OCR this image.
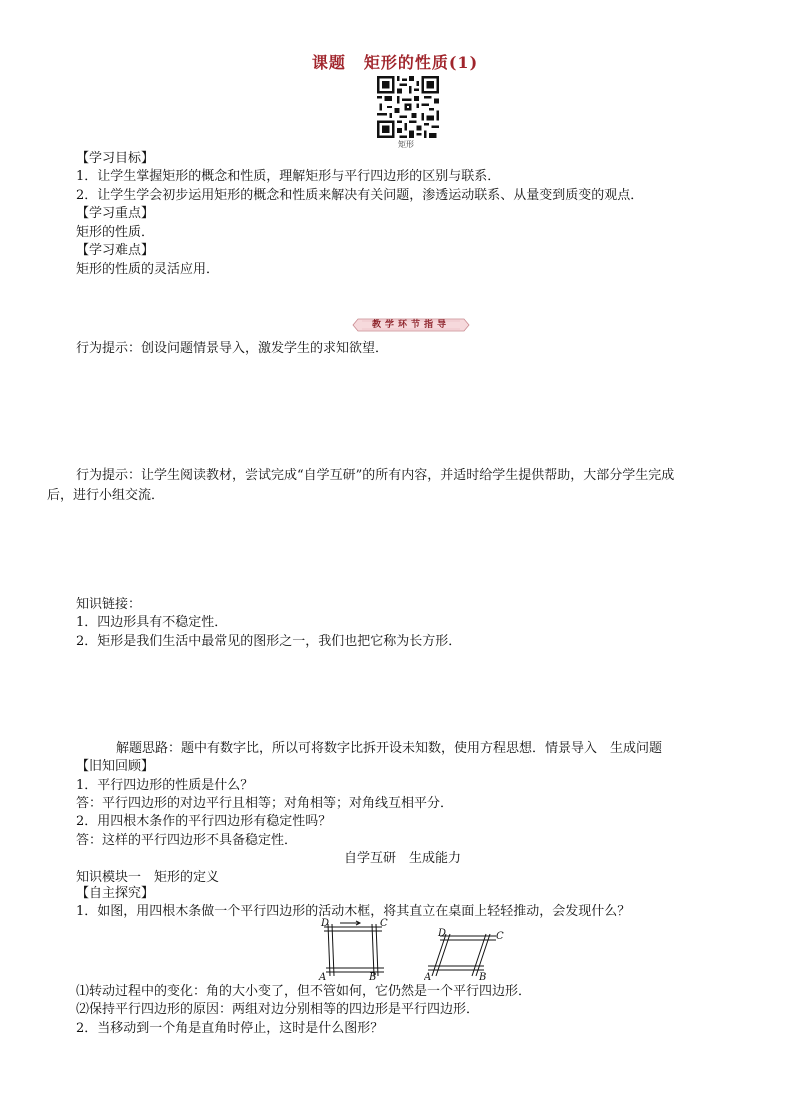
课题 矩形的性质(1)
矩形
【学习目标】
1．让学生掌握矩形的概念和性质，理解矩形与平行四边形的区别与联系．
2．让学生学会初步运用矩形的概念和性质来解决有关问题，渗透运动联系、从量变到质变的观点．
【学习重点】
矩形的性质．
【学习难点】
矩形的性质的灵活应用．
教学环节指导
行为提示：创设问题情景导入，激发学生的求知欲望．
行为提示：让学生阅读教材，尝试完成“自学互研”的所有内容，并适时给学生提供帮助，大部分学生完成
后，进行小组交流．
知识链接：
1．四边形具有不稳定性．
2．矩形是我们生活中最常见的图形之一，我们也把它称为长方形．
解题思路：题中有数字比，所以可将数字比拆开设未知数，使用方程思想．情景导入　生成问题
【旧知回顾】
1．平行四边形的性质是什么？
答：平行四边形的对边平行且相等；对角相等；对角线互相平分．
2．用四根木条作的平行四边形有稳定性吗？
答：这样的平行四边形不具备稳定性．
自学互研　生成能力
知识模块一　矩形的定义
【自主探究】
1．如图，用四根木条做一个平行四边形的活动木框，将其直立在桌面上轻轻推动，会发现什么？
D	C
A	B
D	C
A	B
⑴转动过程中的变化：角的大小变了，但不管如何，它仍然是一个平行四边形．
⑵保持平行四边形的原因：两组对边分别相等的四边形是平行四边形．
2．当移动到一个角是直角时停止，这时是什么图形？
